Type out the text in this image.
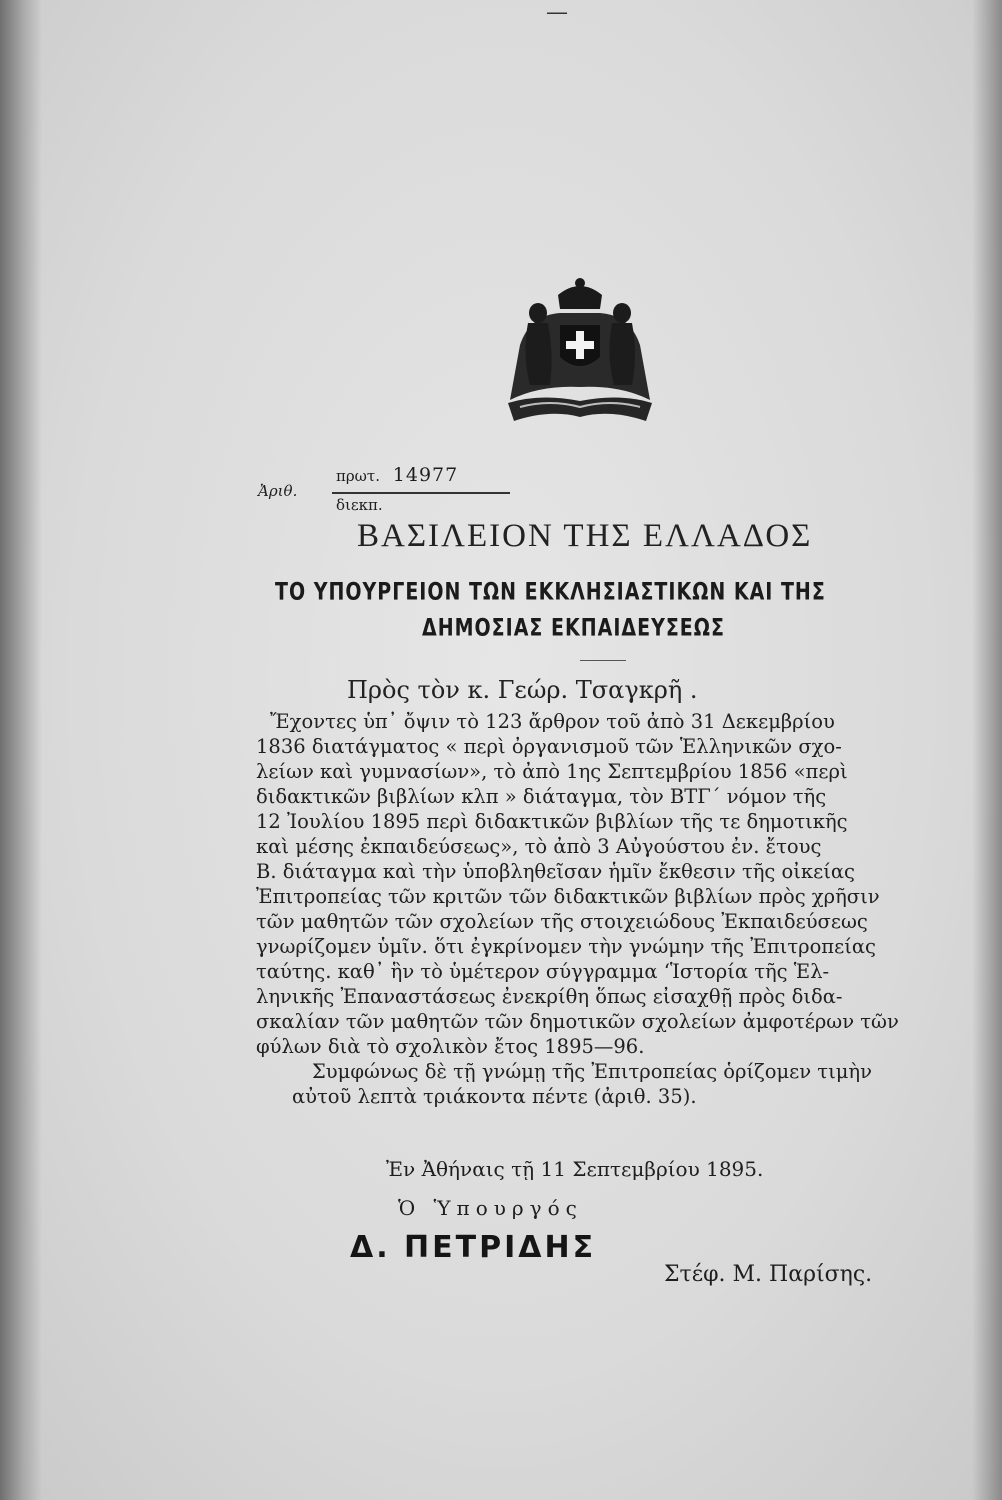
—
Ἀριθ.
πρωτ. 14977
διεκπ.
ΒΑΣΙΛΕΙΟΝ ΤΗΣ ΕΛΛΑΔΟΣ
ΤΟ ΥΠΟΥΡΓΕΙΟΝ ΤΩΝ ΕΚΚΛΗΣΙΑΣΤΙΚΩΝ ΚΑΙ ΤΗΣ
ΔΗΜΟΣΙΑΣ ΕΚΠΑΙΔΕΥΣΕΩΣ
Πρὸς τὸν κ. Γεώρ. Τσαγκρῆ .
Ἔχοντες ὑπ᾽ ὄψιν τὸ 123 ἄρθρον τοῦ ἀπὸ 31 Δεκεμβρίου
1836 διατάγματος « περὶ ὀργανισμοῦ τῶν Ἑλληνικῶν σχο-
λείων καὶ γυμνασίων», τὸ ἀπὸ 1ης Σεπτεμβρίου 1856 «περὶ
διδακτικῶν βιβλίων κλπ » διάταγμα, τὸν ΒΤΓ΄ νόμον τῆς
12 Ἰουλίου 1895 περὶ διδακτικῶν βιβλίων τῆς τε δημοτικῆς
καὶ μέσης ἐκπαιδεύσεως», τὸ ἀπὸ 3 Αὐγούστου ἐν. ἔτους
Β. διάταγμα καὶ τὴν ὑποβληθεῖσαν ἡμῖν ἔκθεσιν τῆς οἰκείας
Ἐπιτροπείας τῶν κριτῶν τῶν διδακτικῶν βιβλίων πρὸς χρῆσιν
τῶν μαθητῶν τῶν σχολείων τῆς στοιχειώδους Ἐκπαιδεύσεως
γνωρίζομεν ὑμῖν. ὅτι ἐγκρίνομεν τὴν γνώμην τῆς Ἐπιτροπείας
ταύτης. καθ᾽ ἣν τὸ ὑμέτερον σύγγραμμα ‘Ἱστορία τῆς Ἑλ-
ληνικῆς Ἐπαναστάσεως ἐνεκρίθη ὅπως εἰσαχθῇ πρὸς διδα-
σκαλίαν τῶν μαθητῶν τῶν δημοτικῶν σχολείων ἀμφοτέρων τῶν
φύλων διὰ τὸ σχολικὸν ἔτος 1895—96.
Συμφώνως δὲ τῇ γνώμῃ τῆς Ἐπιτροπείας ὁρίζομεν τιμὴν
αὐτοῦ λεπτὰ τριάκοντα πέντε (ἀριθ. 35).
Ἐν Ἀθήναις τῇ 11 Σεπτεμβρίου 1895.
Ὁ Ὑπουργός
Δ. ΠΕΤΡΙΔΗΣ
Στέφ. Μ. Παρίσης.
